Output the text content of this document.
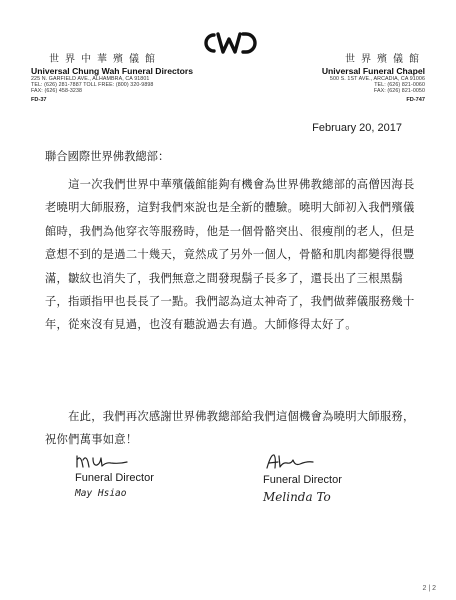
世界中華殯儀館
Universal Chung Wah Funeral Directors
225 N. GARFIELD AVE., ALHAMBRA, CA 91801
TEL: (626) 281-7887 TOLL FREE: (800) 320-9898
FAX: (626) 458-3238
FD-37
世界殯儀館
Universal Funeral Chapel
500 S. 1ST AVE., ARCADIA, CA 91006
TEL: (626) 821-0060
FAX: (626) 821-0050
FD-747
February 20, 2017
聯合國際世界佛教總部：

　　這一次我們世界中華殯儀館能夠有機會為世界佛教總部的高僧因海長老曉明大師服務，這對我們來說也是全新的體驗。曉明大師初入我們殯儀館時，我們為他穿衣等服務時，他是一個骨骼突出、很瘦削的老人，但是意想不到的是過二十幾天，竟然成了另外一個人，骨骼和肌肉都變得很豐滿，皺紋也消失了，我們無意之間發現鬍子長多了，還長出了三根黑鬍子，指頭指甲也長長了一點。我們認為這太神奇了，我們做葬儀服務幾十年，從來沒有見過，也沒有聽說過去有過。大師修得太好了。

　　在此，我們再次感謝世界佛教總部給我們這個機會為曉明大師服務，祝你們萬事如意！

Funeral Director
May Hsiao
Funeral Director
Melinda To
2 | 2
